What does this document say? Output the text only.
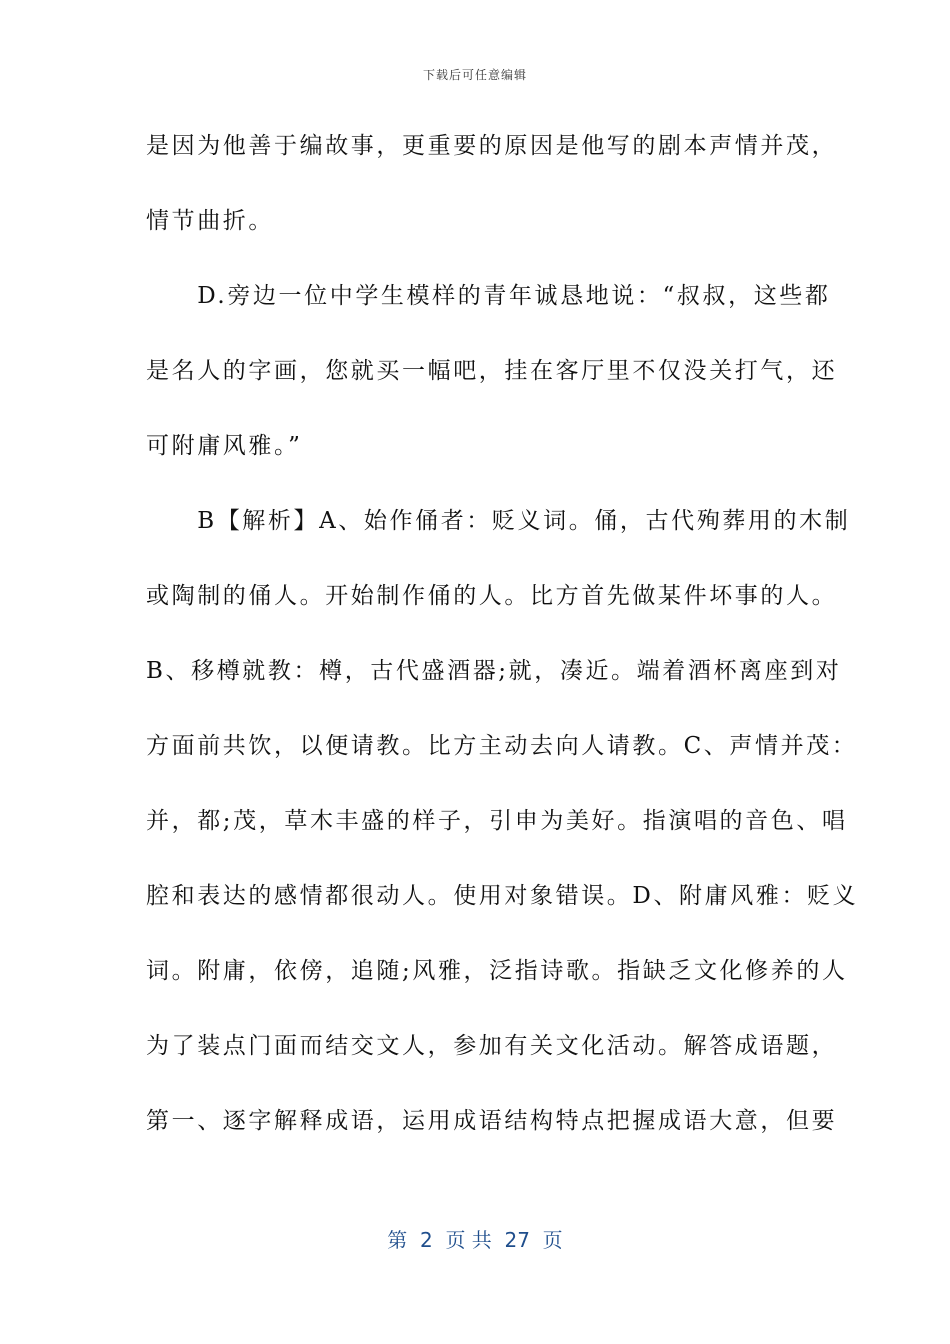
下载后可任意编辑
是因为他善于编故事，更重要的原因是他写的剧本声情并茂，
情节曲折。
　　D.旁边一位中学生模样的青年诚恳地说：“叔叔，这些都
是名人的字画，您就买一幅吧，挂在客厅里不仅没关打气，还
可附庸风雅。”
　　B【解析】A、始作俑者：贬义词。俑，古代殉葬用的木制
或陶制的俑人。开始制作俑的人。比方首先做某件坏事的人。
B、移樽就教：樽，古代盛酒器;就，凑近。端着酒杯离座到对
方面前共饮，以便请教。比方主动去向人请教。C、声情并茂：
并，都;茂，草木丰盛的样子，引申为美好。指演唱的音色、唱
腔和表达的感情都很动人。使用对象错误。D、附庸风雅：贬义
词。附庸，依傍，追随;风雅，泛指诗歌。指缺乏文化修养的人
为了装点门面而结交文人，参加有关文化活动。解答成语题，
第一、逐字解释成语，运用成语结构特点把握成语大意，但要
第  2  页 共  27  页
